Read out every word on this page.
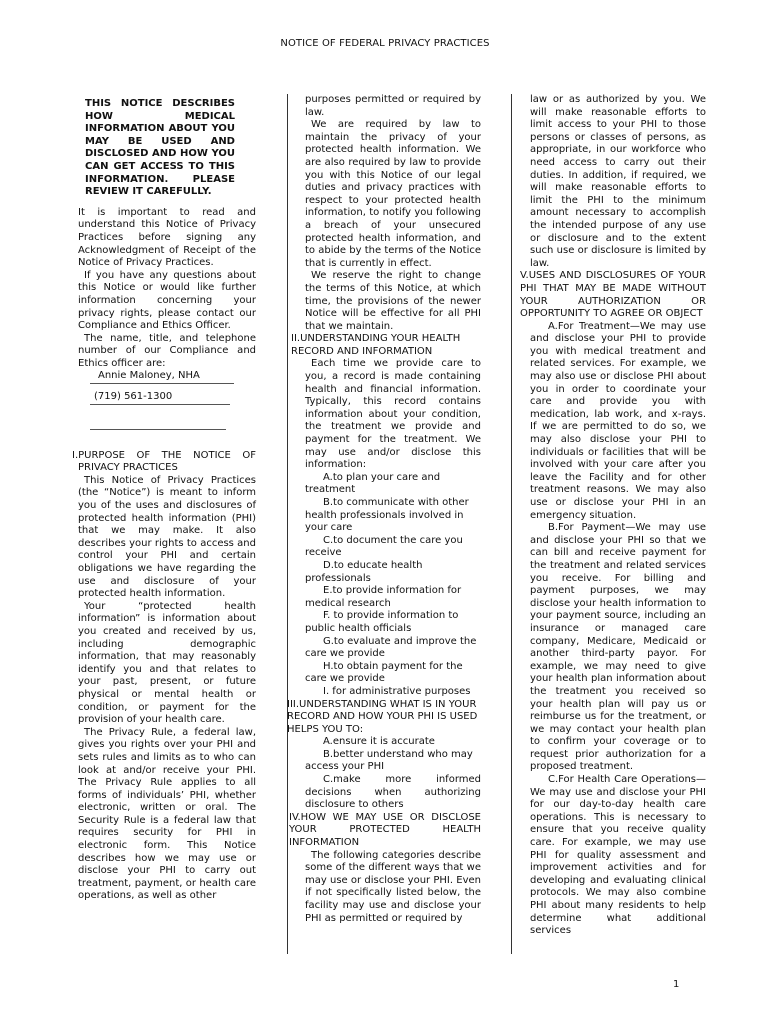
NOTICE OF FEDERAL PRIVACY PRACTICES

THIS NOTICE DESCRIBES HOW MEDICAL INFORMATION ABOUT YOU MAY BE USED AND DISCLOSED AND HOW YOU CAN GET ACCESS TO THIS INFORMATION. PLEASE REVIEW IT CAREFULLY.

It is important to read and understand this Notice of Privacy Practices before signing any Acknowledgment of Receipt of the Notice of Privacy Practices.

If you have any questions about this Notice or would like further information concerning your privacy rights, please contact our Compliance and Ethics Officer.

The name, title, and telephone number of our Compliance and Ethics officer are:

Annie Maloney, NHA
(719) 561-1300

I.PURPOSE OF THE NOTICE OF PRIVACY PRACTICES

This Notice of Privacy Practices (the “Notice”) is meant to inform you of the uses and disclosures of protected health information (PHI) that we may make. It also describes your rights to access and control your PHI and certain obligations we have regarding the use and disclosure of your protected health information.

Your “protected health information” is information about you created and received by us, including demographic information, that may reasonably identify you and that relates to your past, present, or future physical or mental health or condition, or payment for the provision of your health care.

The Privacy Rule, a federal law, gives you rights over your PHI and sets rules and limits as to who can look at and/or receive your PHI. The Privacy Rule applies to all forms of individuals’ PHI, whether electronic, written or oral. The Security Rule is a federal law that requires security for PHI in electronic form. This Notice describes how we may use or disclose your PHI to carry out treatment, payment, or health care operations, as well as other

purposes permitted or required by law.

We are required by law to maintain the privacy of your protected health information. We are also required by law to provide you with this Notice of our legal duties and privacy practices with respect to your protected health information, to notify you following a breach of your unsecured protected health information, and to abide by the terms of the Notice that is currently in effect.

We reserve the right to change the terms of this Notice, at which time, the provisions of the newer Notice will be effective for all PHI that we maintain.

II.UNDERSTANDING YOUR HEALTH RECORD AND INFORMATION

Each time we provide care to you, a record is made containing health and financial information. Typically, this record contains information about your condition, the treatment we provide and payment for the treatment. We may use and/or disclose this information:

A.to plan your care and treatment

B.to communicate with other health professionals involved in your care

C.to document the care you receive

D.to educate health professionals

E.to provide information for medical research

F. to provide information to public health officials

G.to evaluate and improve the care we provide

H.to obtain payment for the care we provide

I. for administrative purposes

III.UNDERSTANDING WHAT IS IN YOUR RECORD AND HOW YOUR PHI IS USED HELPS YOU TO:

A.ensure it is accurate

B.better understand who may access your PHI

C.make more informed decisions when authorizing disclosure to others

IV.HOW WE MAY USE OR DISCLOSE YOUR PROTECTED HEALTH INFORMATION

The following categories describe some of the different ways that we may use or disclose your PHI. Even if not specifically listed below, the facility may use and disclose your PHI as permitted or required by

law or as authorized by you. We will make reasonable efforts to limit access to your PHI to those persons or classes of persons, as appropriate, in our workforce who need access to carry out their duties. In addition, if required, we will make reasonable efforts to limit the PHI to the minimum amount necessary to accomplish the intended purpose of any use or disclosure and to the extent such use or disclosure is limited by law.

V.USES AND DISCLOSURES OF YOUR PHI THAT MAY BE MADE WITHOUT YOUR AUTHORIZATION OR OPPORTUNITY TO AGREE OR OBJECT

A.For Treatment—We may use and disclose your PHI to provide you with medical treatment and related services. For example, we may also use or disclose PHI about you in order to coordinate your care and provide you with medication, lab work, and x-rays. If we are permitted to do so, we may also disclose your PHI to individuals or facilities that will be involved with your care after you leave the Facility and for other treatment reasons. We may also use or disclose your PHI in an emergency situation.

B.For Payment—We may use and disclose your PHI so that we can bill and receive payment for the treatment and related services you receive. For billing and payment purposes, we may disclose your health information to your payment source, including an insurance or managed care company, Medicare, Medicaid or another third-party payor. For example, we may need to give your health plan information about the treatment you received so your health plan will pay us or reimburse us for the treatment, or we may contact your health plan to confirm your coverage or to request prior authorization for a proposed treatment.

C.For Health Care Operations—We may use and disclose your PHI for our day-to-day health care operations. This is necessary to ensure that you receive quality care. For example, we may use PHI for quality assessment and improvement activities and for developing and evaluating clinical protocols. We may also combine PHI about many residents to help determine what additional services

1
